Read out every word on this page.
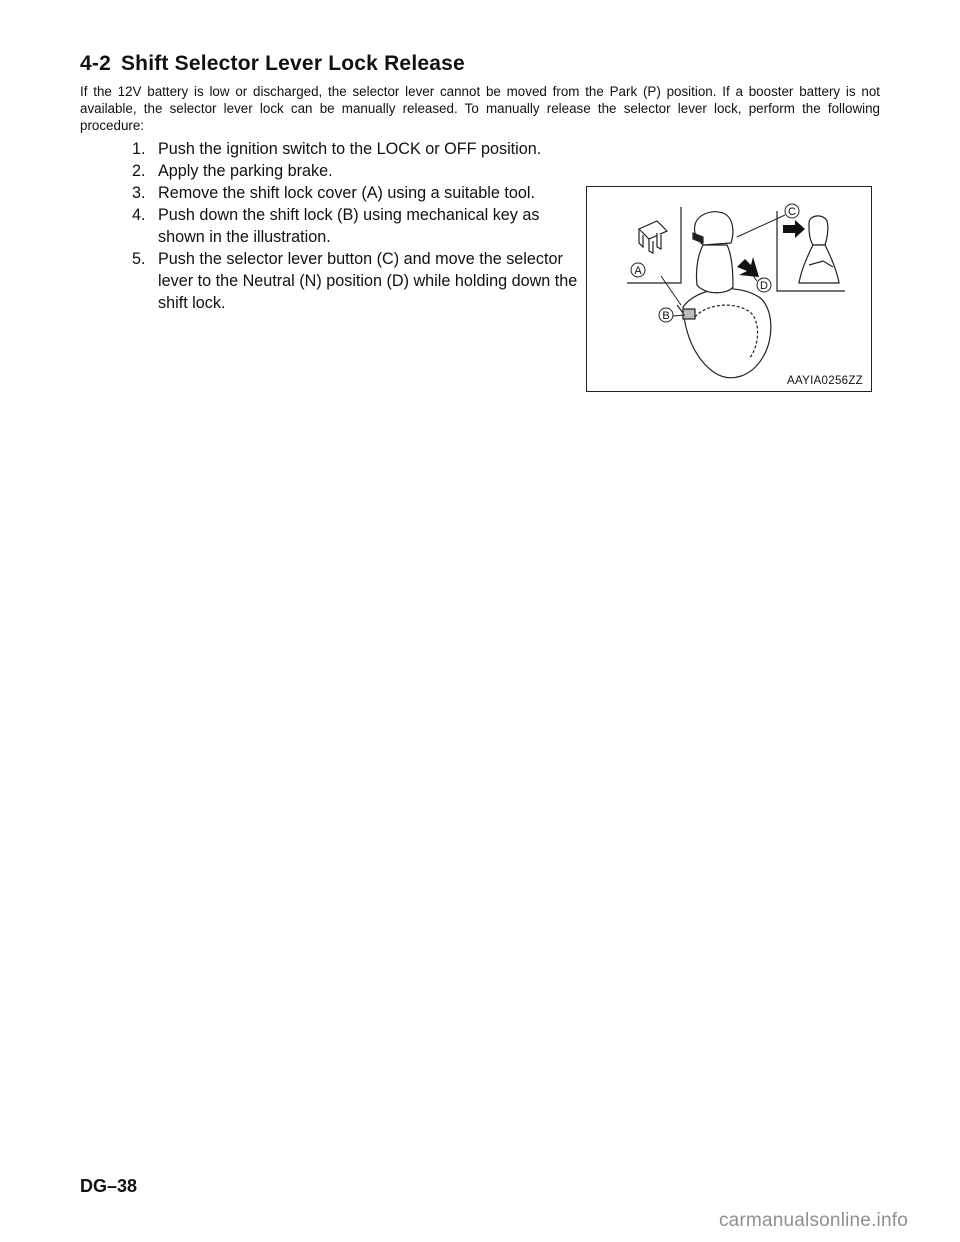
4-2 Shift Selector Lever Lock Release

If the 12V battery is low or discharged, the selector lever cannot be moved from the Park (P) position. If a booster battery is not available, the selector lever lock can be manually released. To manually release the selector lever lock, perform the following procedure:

1. Push the ignition switch to the LOCK or OFF position.
2. Apply the parking brake.
3. Remove the shift lock cover (A) using a suitable tool.
4. Push down the shift lock (B) using mechanical key as shown in the illustration.
5. Push the selector lever button (C) and move the selector lever to the Neutral (N) position (D) while holding down the shift lock.
A
B
C
D
AAYIA0256ZZ
DG–38
carmanualsonline.info
